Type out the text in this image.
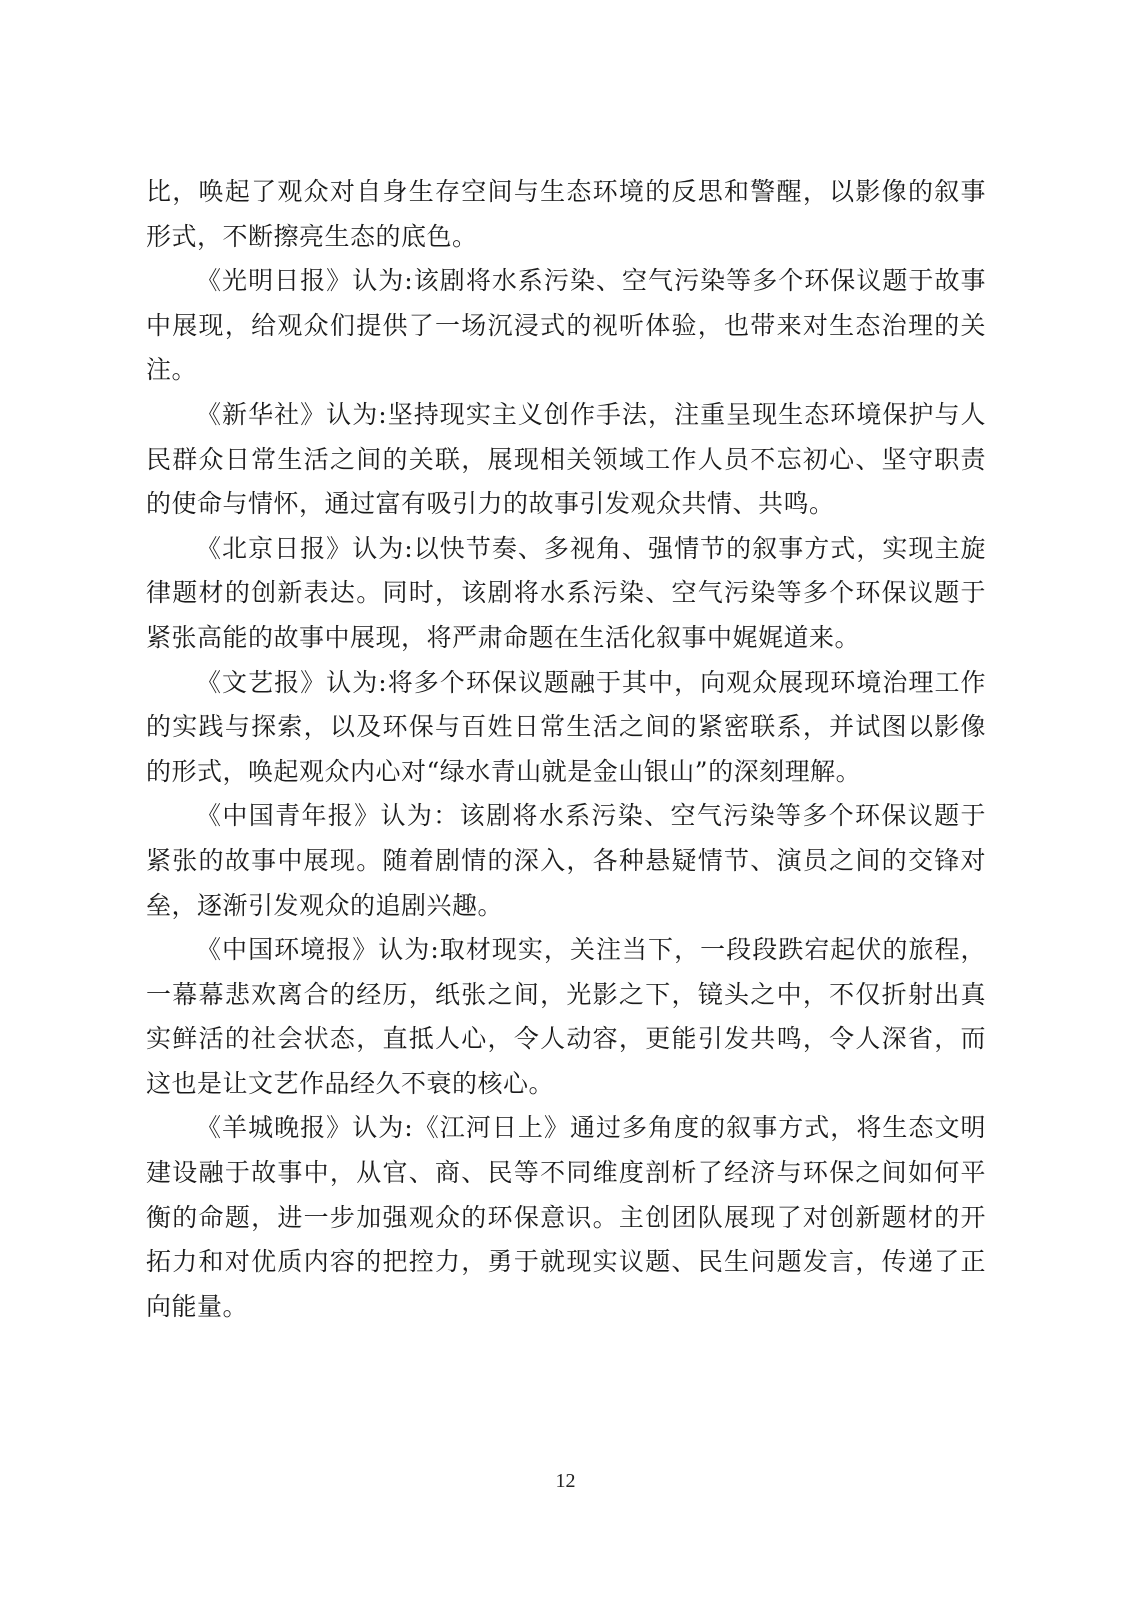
比，唤起了观众对自身生存空间与生态环境的反思和警醒，以影像的叙事形式，不断擦亮生态的底色。

《光明日报》认为:该剧将水系污染、空气污染等多个环保议题于故事中展现，给观众们提供了一场沉浸式的视听体验，也带来对生态治理的关注。

《新华社》认为:坚持现实主义创作手法，注重呈现生态环境保护与人民群众日常生活之间的关联，展现相关领域工作人员不忘初心、坚守职责的使命与情怀，通过富有吸引力的故事引发观众共情、共鸣。

《北京日报》认为:以快节奏、多视角、强情节的叙事方式，实现主旋律题材的创新表达。同时，该剧将水系污染、空气污染等多个环保议题于紧张高能的故事中展现，将严肃命题在生活化叙事中娓娓道来。

《文艺报》认为:将多个环保议题融于其中，向观众展现环境治理工作的实践与探索，以及环保与百姓日常生活之间的紧密联系，并试图以影像的形式，唤起观众内心对“绿水青山就是金山银山”的深刻理解。

《中国青年报》认为：该剧将水系污染、空气污染等多个环保议题于紧张的故事中展现。随着剧情的深入，各种悬疑情节、演员之间的交锋对垒，逐渐引发观众的追剧兴趣。

《中国环境报》认为:取材现实，关注当下，一段段跌宕起伏的旅程，一幕幕悲欢离合的经历，纸张之间，光影之下，镜头之中，不仅折射出真实鲜活的社会状态，直抵人心，令人动容，更能引发共鸣，令人深省，而这也是让文艺作品经久不衰的核心。

《羊城晚报》认为:《江河日上》通过多角度的叙事方式，将生态文明建设融于故事中，从官、商、民等不同维度剖析了经济与环保之间如何平衡的命题，进一步加强观众的环保意识。主创团队展现了对创新题材的开拓力和对优质内容的把控力，勇于就现实议题、民生问题发言，传递了正向能量。

12
